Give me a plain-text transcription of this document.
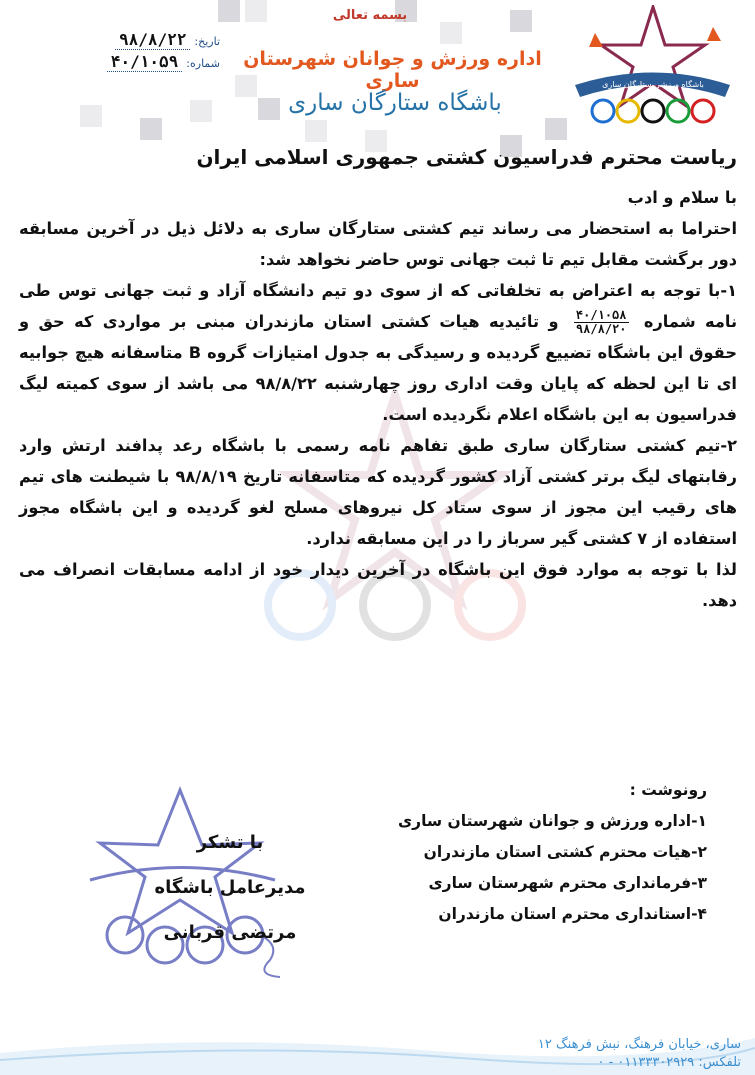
بسمه تعالی
اداره ورزش و جوانان شهرستان ساری
باشگاه ستارگان ساری
تاریخ:
۹۸/۸/۲۲
شماره:
۴۰/۱۰۵۹
باشگاه ورزشی ستارگان ساری
ریاست محترم فدراسیون کشتی جمهوری اسلامی ایران

با سلام و ادب

احتراما به استحضار می رساند تیم کشتی ستارگان ساری به دلائل ذیل در آخرین مسابقه دور برگشت مقابل تیم تا ثبت جهانی توس حاضر نخواهد شد:

۱-با توجه به اعتراض به تخلفاتی که از سوی دو تیم دانشگاه آزاد و ثبت جهانی توس طی نامه شماره
$\frac{۴۰/۱۰۵۸}{۹۸/۸/۲۰}$
و تائیدیه هیات کشتی استان مازندران مبنی بر مواردی که حق و حقوق این باشگاه تضییع گردیده و رسیدگی به جدول امتیازات گروه B متاسفانه هیچ جوابیه ای تا این لحظه که پایان وقت اداری روز چهارشنبه ۹۸/۸/۲۲ می باشد از سوی کمیته لیگ فدراسیون به این باشگاه اعلام نگردیده است.

۲-تیم کشتی ستارگان ساری طبق تفاهم نامه رسمی با باشگاه رعد پدافند ارتش وارد رقابتهای لیگ برتر کشتی آزاد کشور گردیده که متاسفانه تاریخ ۹۸/۸/۱۹ با شیطنت های تیم های رقیب این مجوز از سوی ستاد کل نیروهای مسلح لغو گردیده و این باشگاه مجوز استفاده از ۷ کشتی گیر سرباز را در این مسابقه ندارد.

لذا با توجه به موارد فوق این باشگاه در آخرین دیدار خود از ادامه مسابقات انصراف می دهد.

رونوشت :
۱-اداره ورزش و جوانان شهرستان ساری
۲-هیات محترم کشتی استان مازندران
۳-فرمانداری محترم شهرستان ساری
۴-استانداری محترم استان مازندران
با تشکر
مدیرعامل باشگاه
مرتضی قربانی
ساری، خیابان فرهنگ، نبش فرهنگ ۱۲
تلفکس: ۰۱۱۳۳۳۰۲۹۲۹ - ۰
